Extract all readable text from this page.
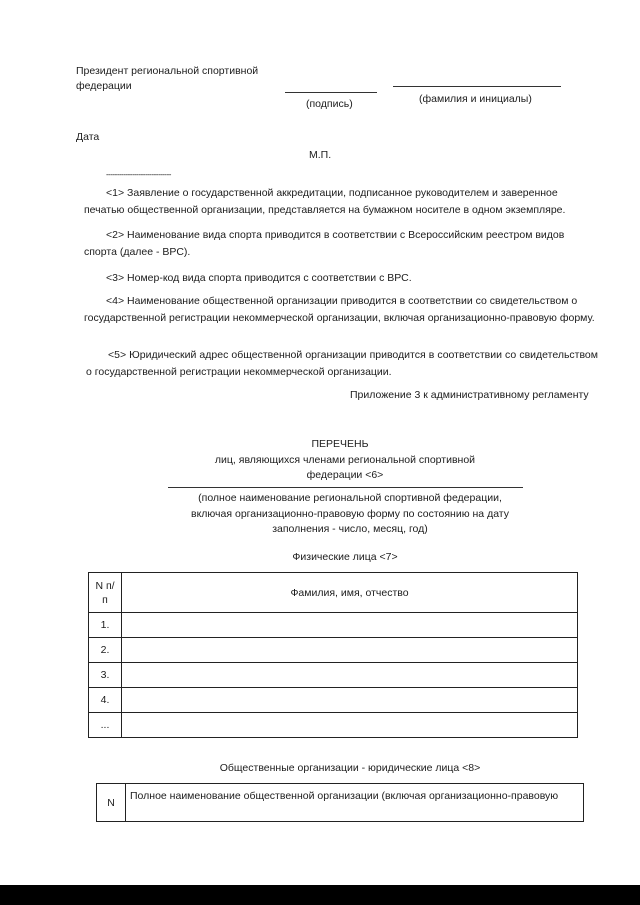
Президент региональной спортивной федерации
(подпись)	(фамилия и инициалы)
Дата
М.П.
------------------------------
<1> Заявление о государственной аккредитации, подписанное руководителем и заверенное печатью общественной организации, представляется на бумажном носителе в одном экземпляре.
<2> Наименование вида спорта приводится в соответствии с Всероссийским реестром видов спорта (далее - ВРС).
<3> Номер-код вида спорта приводится с соответствии с ВРС.
<4> Наименование общественной организации приводится в соответствии со свидетельством о государственной регистрации некоммерческой организации, включая организационно-правовую форму.
<5> Юридический адрес общественной организации приводится в соответствии со свидетельством о государственной регистрации некоммерческой организации.
Приложение 3 к административному регламенту
ПЕРЕЧЕНЬ
лиц, являющихся членами региональной спортивной
федерации <6>
(полное наименование региональной спортивной федерации,
включая организационно-правовую форму по состоянию на дату
заполнения - число, месяц, год)
Физические лица <7>
N п/п	Фамилия, имя, отчество
1.	
2.	
3.	
4.	
...	
Общественные организации - юридические лица <8>
N	Полное наименование общественной организации (включая организационно-правовую
